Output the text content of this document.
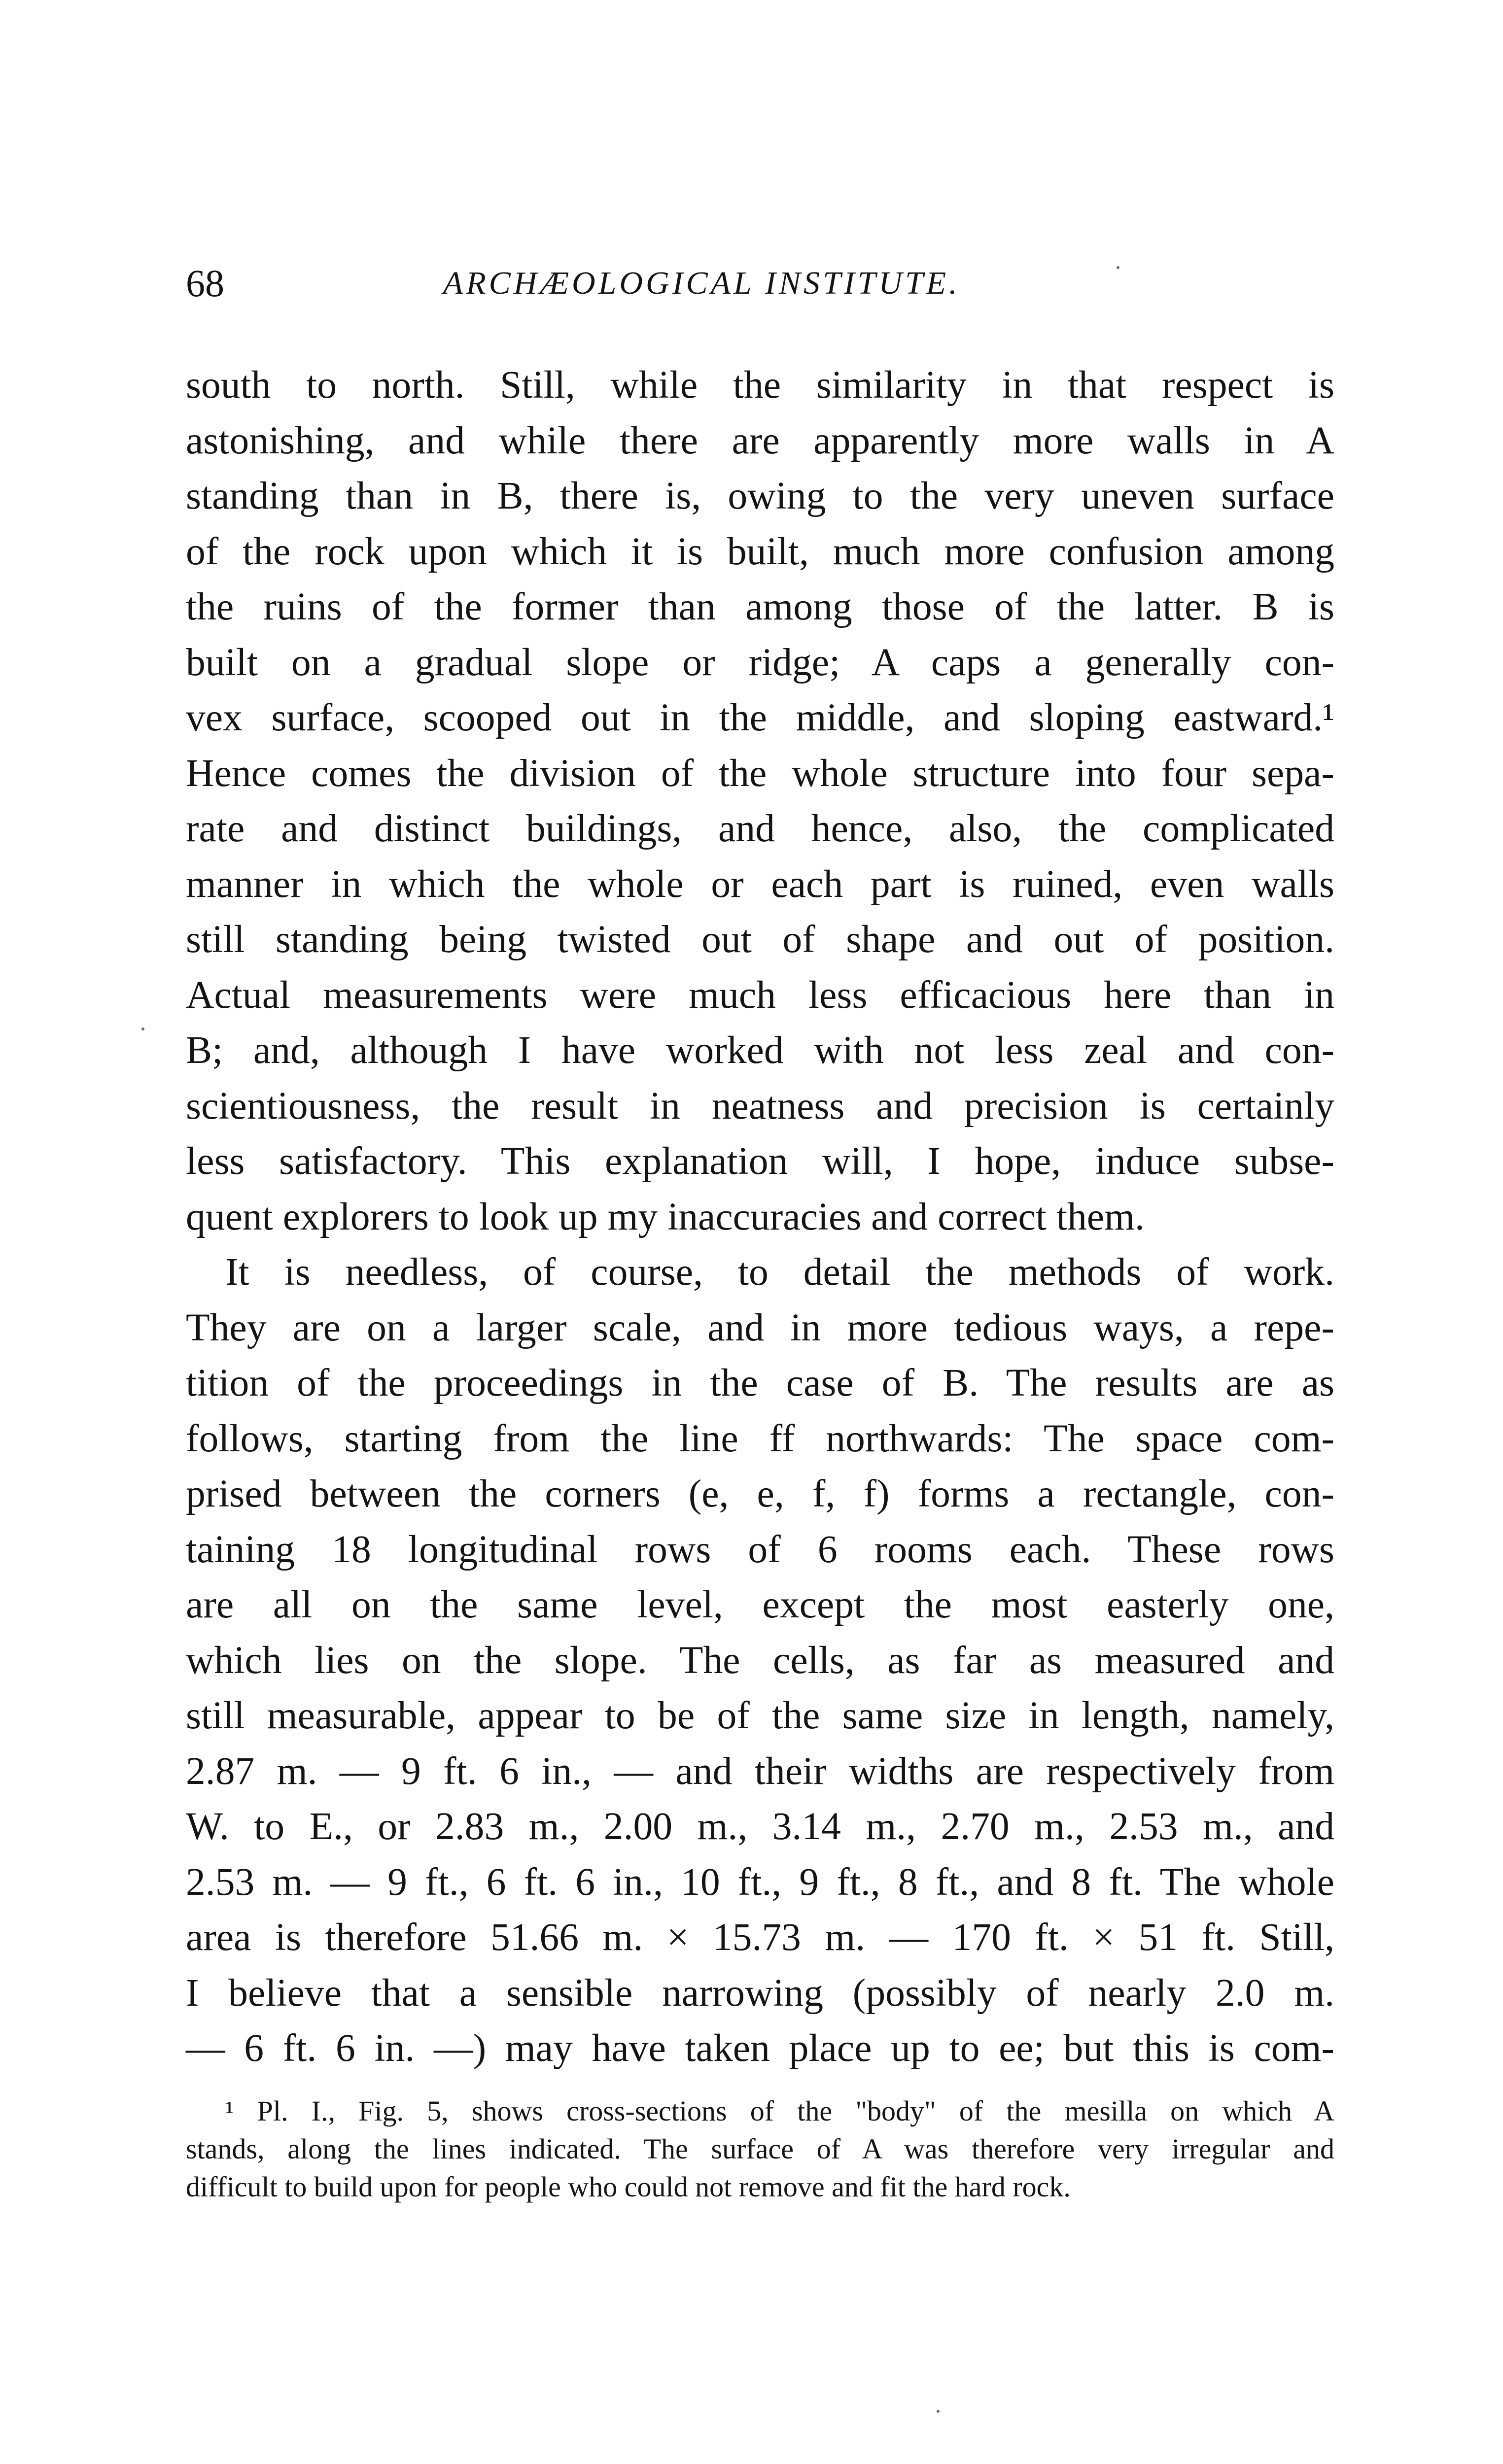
68	ARCHÆOLOGICAL INSTITUTE.
south to north. Still, while the similarity in that respect is
astonishing, and while there are apparently more walls in A
standing than in B, there is, owing to the very uneven surface
of the rock upon which it is built, much more confusion among
the ruins of the former than among those of the latter. B is
built on a gradual slope or ridge; A caps a generally con-
vex surface, scooped out in the middle, and sloping eastward.¹
Hence comes the division of the whole structure into four sepa-
rate and distinct buildings, and hence, also, the complicated
manner in which the whole or each part is ruined, even walls
still standing being twisted out of shape and out of position.
Actual measurements were much less efficacious here than in
B; and, although I have worked with not less zeal and con-
scientiousness, the result in neatness and precision is certainly
less satisfactory. This explanation will, I hope, induce subse-
quent explorers to look up my inaccuracies and correct them.
It is needless, of course, to detail the methods of work.
They are on a larger scale, and in more tedious ways, a repe-
tition of the proceedings in the case of B. The results are as
follows, starting from the line ff northwards: The space com-
prised between the corners (e, e, f, f) forms a rectangle, con-
taining 18 longitudinal rows of 6 rooms each. These rows
are all on the same level, except the most easterly one,
which lies on the slope. The cells, as far as measured and
still measurable, appear to be of the same size in length, namely,
2.87 m. — 9 ft. 6 in., — and their widths are respectively from
W. to E., or 2.83 m., 2.00 m., 3.14 m., 2.70 m., 2.53 m., and
2.53 m. — 9 ft., 6 ft. 6 in., 10 ft., 9 ft., 8 ft., and 8 ft. The whole
area is therefore 51.66 m. × 15.73 m. — 170 ft. × 51 ft. Still,
I believe that a sensible narrowing (possibly of nearly 2.0 m.
— 6 ft. 6 in. —) may have taken place up to ee; but this is com-
¹ Pl. I., Fig. 5, shows cross-sections of the "body" of the mesilla on which A
stands, along the lines indicated. The surface of A was therefore very irregular and
difficult to build upon for people who could not remove and fit the hard rock.
